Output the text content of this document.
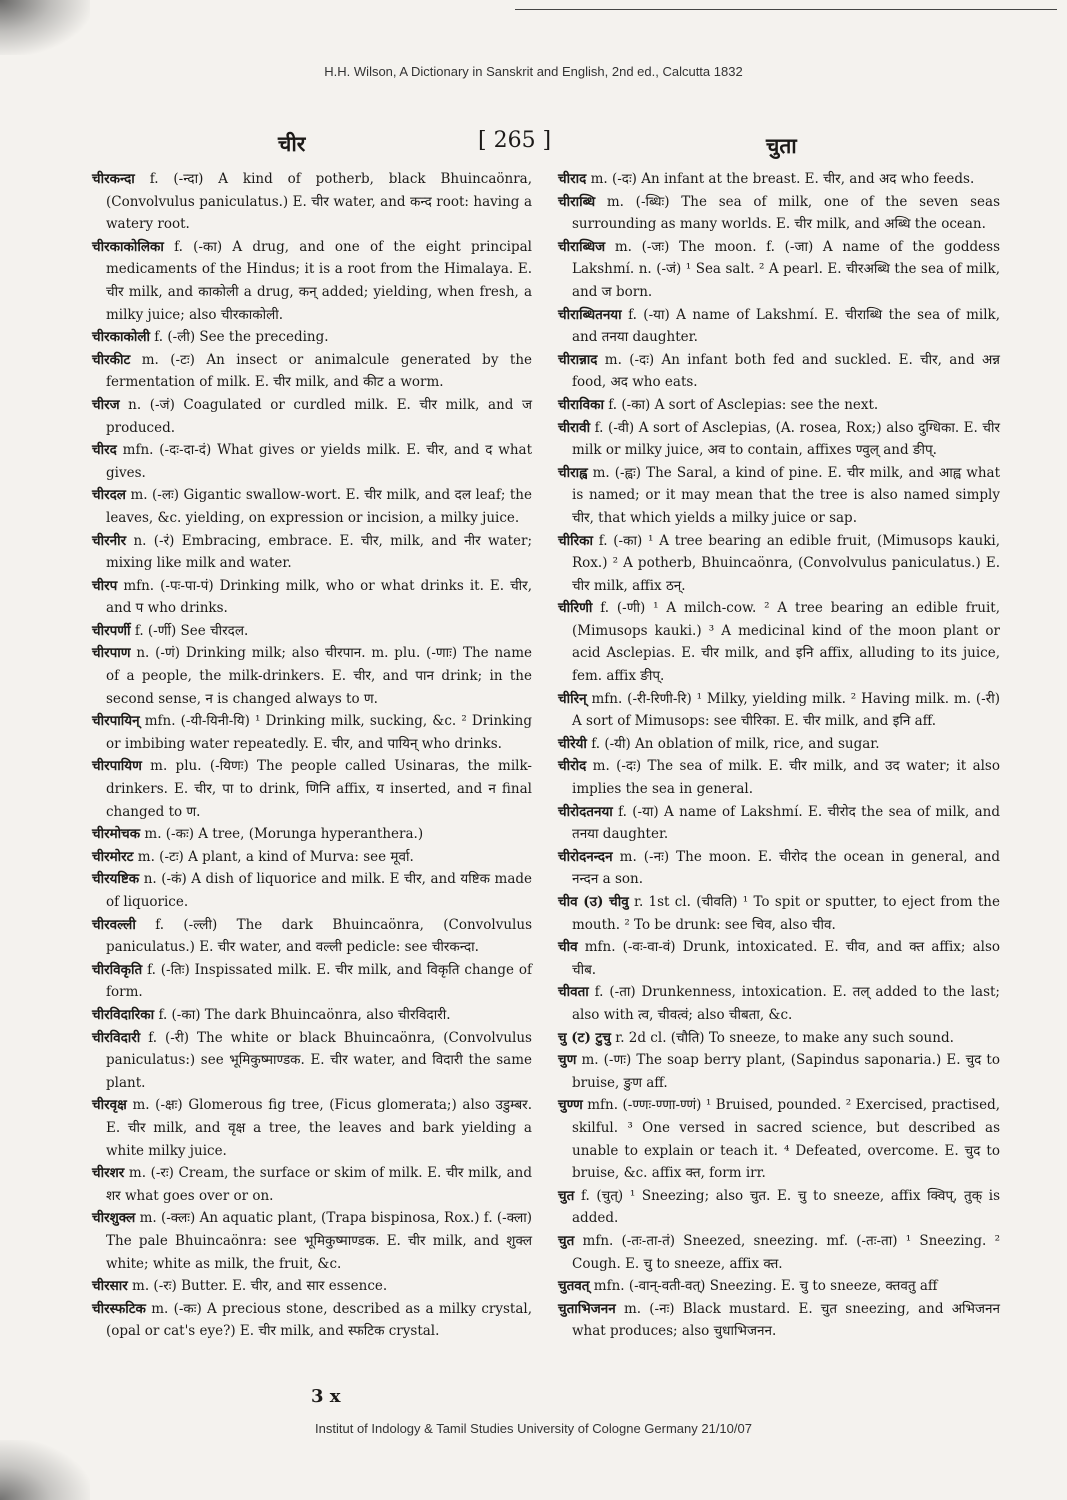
H.H. Wilson, A Dictionary in Sanskrit and English, 2nd ed., Calcutta 1832
चीर	[ 265 ]	चुता

चीरकन्दा f. (-न्दा) A kind of potherb, black Bhuincaönra, (Convolvulus paniculatus.) E. चीर water, and कन्द root: having a watery root.

चीरकाकोलिका f. (-का) A drug, and one of the eight principal medicaments of the Hindus; it is a root from the Himalaya. E. चीर milk, and काकोली a drug, कन् added; yielding, when fresh, a milky juice; also चीरकाकोली.

चीरकाकोली f. (-ली) See the preceding.

चीरकीट m. (-टः) An insect or animalcule generated by the fermentation of milk. E. चीर milk, and कीट a worm.

चीरज n. (-जं) Coagulated or curdled milk. E. चीर milk, and ज produced.

चीरद mfn. (-दः-दा-दं) What gives or yields milk. E. चीर, and द what gives.

चीरदल m. (-लः) Gigantic swallow-wort. E. चीर milk, and दल leaf; the leaves, &c. yielding, on expression or incision, a milky juice.

चीरनीर n. (-रं) Embracing, embrace. E. चीर, milk, and नीर water; mixing like milk and water.

चीरप mfn. (-पः-पा-पं) Drinking milk, who or what drinks it. E. चीर, and प who drinks.

चीरपर्णी f. (-र्णी) See चीरदल.

चीरपाण n. (-णं) Drinking milk; also चीरपान. m. plu. (-णाः) The name of a people, the milk-drinkers. E. चीर, and पान drink; in the second sense, न is changed always to ण.

चीरपायिन् mfn. (-यी-यिनी-यि) ¹ Drinking milk, sucking, &c. ² Drinking or imbibing water repeatedly. E. चीर, and पायिन् who drinks.

चीरपायिण m. plu. (-यिणः) The people called Usinaras, the milk-drinkers. E. चीर, पा to drink, णिनि affix, य inserted, and न final changed to ण.

चीरमोचक m. (-कः) A tree, (Morunga hyperanthera.)

चीरमोरट m. (-टः) A plant, a kind of Murva: see मूर्वा.

चीरयष्टिक n. (-कं) A dish of liquorice and milk. E चीर, and यष्टिक made of liquorice.

चीरवल्ली f. (-ल्ली) The dark Bhuincaönra, (Convolvulus paniculatus.) E. चीर water, and वल्ली pedicle: see चीरकन्दा.

चीरविकृति f. (-तिः) Inspissated milk. E. चीर milk, and विकृति change of form.

चीरविदारिका f. (-का) The dark Bhuincaönra, also चीरविदारी.

चीरविदारी f. (-री) The white or black Bhuincaönra, (Convolvulus paniculatus:) see भूमिकुष्माण्डक. E. चीर water, and विदारी the same plant.

चीरवृक्ष m. (-क्षः) Glomerous fig tree, (Ficus glomerata;) also उडुम्बर. E. चीर milk, and वृक्ष a tree, the leaves and bark yielding a white milky juice.

चीरशर m. (-रः) Cream, the surface or skim of milk. E. चीर milk, and शर what goes over or on.

चीरशुक्ल m. (-क्लः) An aquatic plant, (Trapa bispinosa, Rox.) f. (-क्ला) The pale Bhuincaönra: see भूमिकुष्माण्डक. E. चीर milk, and शुक्ल white; white as milk, the fruit, &c.

चीरसार m. (-रः) Butter. E. चीर, and सार essence.

चीरस्फटिक m. (-कः) A precious stone, described as a milky crystal, (opal or cat's eye?) E. चीर milk, and स्फटिक crystal.

चीराद m. (-दः) An infant at the breast. E. चीर, and अद who feeds.

चीराब्धि m. (-ब्धिः) The sea of milk, one of the seven seas surrounding as many worlds. E. चीर milk, and अब्धि the ocean.

चीराब्धिज m. (-जः) The moon. f. (-जा) A name of the goddess Lakshmí. n. (-जं) ¹ Sea salt. ² A pearl. E. चीरअब्धि the sea of milk, and ज born.

चीराब्धितनया f. (-या) A name of Lakshmí. E. चीराब्धि the sea of milk, and तनया daughter.

चीरान्नाद m. (-दः) An infant both fed and suckled. E. चीर, and अन्न food, अद who eats.

चीराविका f. (-का) A sort of Asclepias: see the next.

चीरावी f. (-वी) A sort of Asclepias, (A. rosea, Rox;) also दुग्धिका. E. चीर milk or milky juice, अव to contain, affixes ण्वुल् and ङीप्.

चीराह्व m. (-ह्वः) The Saral, a kind of pine. E. चीर milk, and आह्व what is named; or it may mean that the tree is also named simply चीर, that which yields a milky juice or sap.

चीरिका f. (-का) ¹ A tree bearing an edible fruit, (Mimusops kauki, Rox.) ² A potherb, Bhuincaönra, (Convolvulus paniculatus.) E. चीर milk, affix ठन्.

चीरिणी f. (-णी) ¹ A milch-cow. ² A tree bearing an edible fruit, (Mimusops kauki.) ³ A medicinal kind of the moon plant or acid Asclepias. E. चीर milk, and इनि affix, alluding to its juice, fem. affix ङीप्.

चीरिन् mfn. (-री-रिणी-रि) ¹ Milky, yielding milk. ² Having milk. m. (-री) A sort of Mimusops: see चीरिका. E. चीर milk, and इनि aff.

चीरेयी f. (-यी) An oblation of milk, rice, and sugar.

चीरोद m. (-दः) The sea of milk. E. चीर milk, and उद water; it also implies the sea in general.

चीरोदतनया f. (-या) A name of Lakshmí. E. चीरोद the sea of milk, and तनया daughter.

चीरोदनन्दन m. (-नः) The moon. E. चीरोद the ocean in general, and नन्दन a son.

चीव (उ) चीवु r. 1st cl. (चीवति) ¹ To spit or sputter, to eject from the mouth. ² To be drunk: see चिव, also चीव.

चीव mfn. (-वः-वा-वं) Drunk, intoxicated. E. चीव, and क्त affix; also चीब.

चीवता f. (-ता) Drunkenness, intoxication. E. तल् added to the last; also with त्व, चीवत्वं; also चीबता, &c.

चु (ट) टुचु r. 2d cl. (चौति) To sneeze, to make any such sound.

चुण m. (-णः) The soap berry plant, (Sapindus saponaria.) E. चुद to bruise, ङुण aff.

चुण्ण mfn. (-ण्णः-ण्णा-ण्णं) ¹ Bruised, pounded. ² Exercised, practised, skilful. ³ One versed in sacred science, but described as unable to explain or teach it. ⁴ Defeated, overcome. E. चुद to bruise, &c. affix क्त, form irr.

चुत f. (चुत्) ¹ Sneezing; also चुत. E. चु to sneeze, affix क्विप्, तुक् is added.

चुत mfn. (-तः-ता-तं) Sneezed, sneezing. mf. (-तः-ता) ¹ Sneezing. ² Cough. E. चु to sneeze, affix क्त.

चुतवत् mfn. (-वान्-वती-वत्) Sneezing. E. चु to sneeze, क्तवतु aff

चुताभिजनन m. (-नः) Black mustard. E. चुत sneezing, and अभिजनन what produces; also चुधाभिजनन.

3 x
Institut of Indology & Tamil Studies University of Cologne Germany 21/10/07
